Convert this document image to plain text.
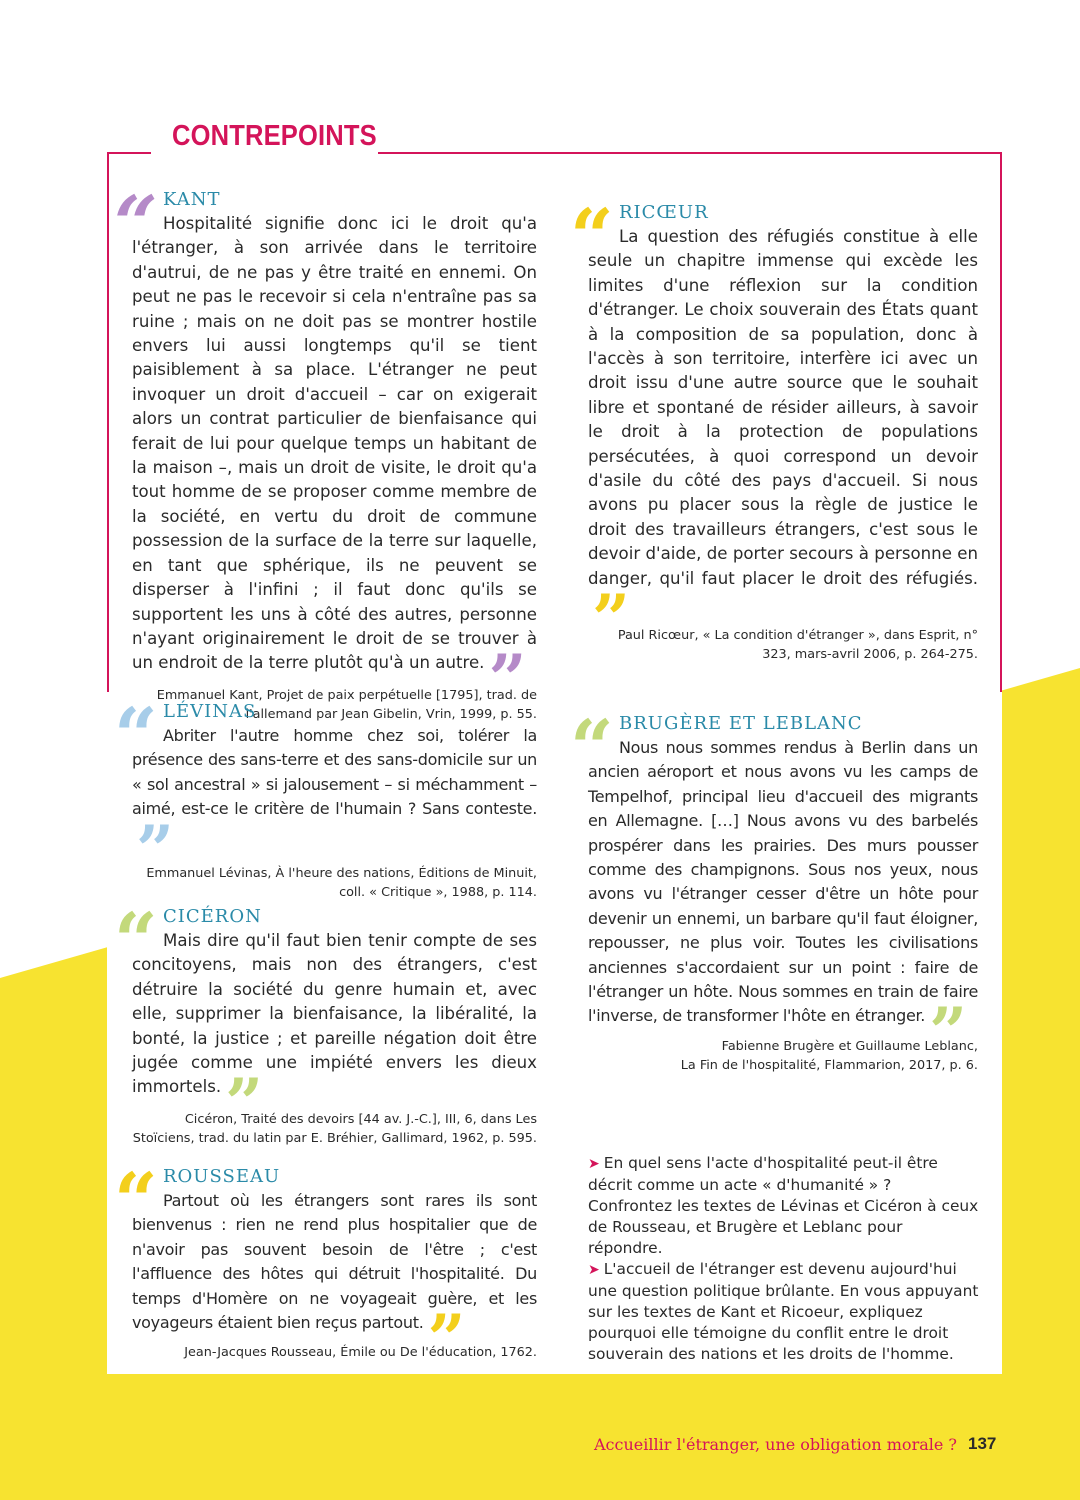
CONTREPOINTS
KANT
“ Hospitalité signifie donc ici le droit qu'a l'étranger, à son arrivée dans le territoire d'autrui, de ne pas y être traité en ennemi. On peut ne pas le recevoir si cela n'entraîne pas sa ruine ; mais on ne doit pas se montrer hostile envers lui aussi longtemps qu'il se tient paisiblement à sa place. L'étranger ne peut invoquer un droit d'accueil – car on exigerait alors un contrat particulier de bienfaisance qui ferait de lui pour quelque temps un habitant de la maison –, mais un droit de visite, le droit qu'a tout homme de se proposer comme membre de la société, en vertu du droit de commune possession de la surface de la terre sur laquelle, en tant que sphérique, ils ne peuvent se disperser à l'infini ; il faut donc qu'ils se supportent les uns à côté des autres, personne n'ayant originairement le droit de se trouver à un endroit de la terre plutôt qu'à un autre.”
Emmanuel Kant, Projet de paix perpétuelle [1795], trad. de l'allemand par Jean Gibelin, Vrin, 1999, p. 55.
LÉVINAS
“ Abriter l'autre homme chez soi, tolérer la présence des sans-terre et des sans-domicile sur un « sol ancestral » si jalousement – si méchamment – aimé, est-ce le critère de l'humain ? Sans conteste.”
Emmanuel Lévinas, À l'heure des nations, Éditions de Minuit, coll. « Critique », 1988, p. 114.
CICÉRON
“ Mais dire qu'il faut bien tenir compte de ses concitoyens, mais non des étrangers, c'est détruire la société du genre humain et, avec elle, supprimer la bienfaisance, la libéralité, la bonté, la justice ; et pareille négation doit être jugée comme une impiété envers les dieux immortels.”
Cicéron, Traité des devoirs [44 av. J.-C.], III, 6, dans Les Stoïciens, trad. du latin par E. Bréhier, Gallimard, 1962, p. 595.
ROUSSEAU
“ Partout où les étrangers sont rares ils sont bienvenus : rien ne rend plus hospitalier que de n'avoir pas souvent besoin de l'être ; c'est l'affluence des hôtes qui détruit l'hospitalité. Du temps d'Homère on ne voyageait guère, et les voyageurs étaient bien reçus partout.”
Jean-Jacques Rousseau, Émile ou De l'éducation, 1762.
RICŒUR
“ La question des réfugiés constitue à elle seule un chapitre immense qui excède les limites d'une réflexion sur la condition d'étranger. Le choix souverain des États quant à la composition de sa population, donc à l'accès à son territoire, interfère ici avec un droit issu d'une autre source que le souhait libre et spontané de résider ailleurs, à savoir le droit à la protection de populations persécutées, à quoi correspond un devoir d'asile du côté des pays d'accueil. Si nous avons pu placer sous la règle de justice le droit des travailleurs étrangers, c'est sous le devoir d'aide, de porter secours à personne en danger, qu'il faut placer le droit des réfugiés.”
Paul Ricœur, « La condition d'étranger », dans Esprit, n° 323, mars-avril 2006, p. 264-275.
BRUGÈRE ET LEBLANC
“ Nous nous sommes rendus à Berlin dans un ancien aéroport et nous avons vu les camps de Tempelhof, principal lieu d'accueil des migrants en Allemagne. […] Nous avons vu des barbelés prospérer dans les prairies. Des murs pousser comme des champignons. Sous nos yeux, nous avons vu l'étranger cesser d'être un hôte pour devenir un ennemi, un barbare qu'il faut éloigner, repousser, ne plus voir. Toutes les civilisations anciennes s'accordaient sur un point : faire de l'étranger un hôte. Nous sommes en train de faire l'inverse, de transformer l'hôte en étranger.”
Fabienne Brugère et Guillaume Leblanc,
La Fin de l'hospitalité, Flammarion, 2017, p. 6.
➤ En quel sens l'acte d'hospitalité peut-il être décrit comme un acte « d'humanité » ? Confrontez les textes de Lévinas et Cicéron à ceux de Rousseau, et Brugère et Leblanc pour répondre.
➤ L'accueil de l'étranger est devenu aujourd'hui une question politique brûlante. En vous appuyant sur les textes de Kant et Ricoeur, expliquez pourquoi elle témoigne du conflit entre le droit souverain des nations et les droits de l'homme.
Accueillir l'étranger, une obligation morale ? 137
